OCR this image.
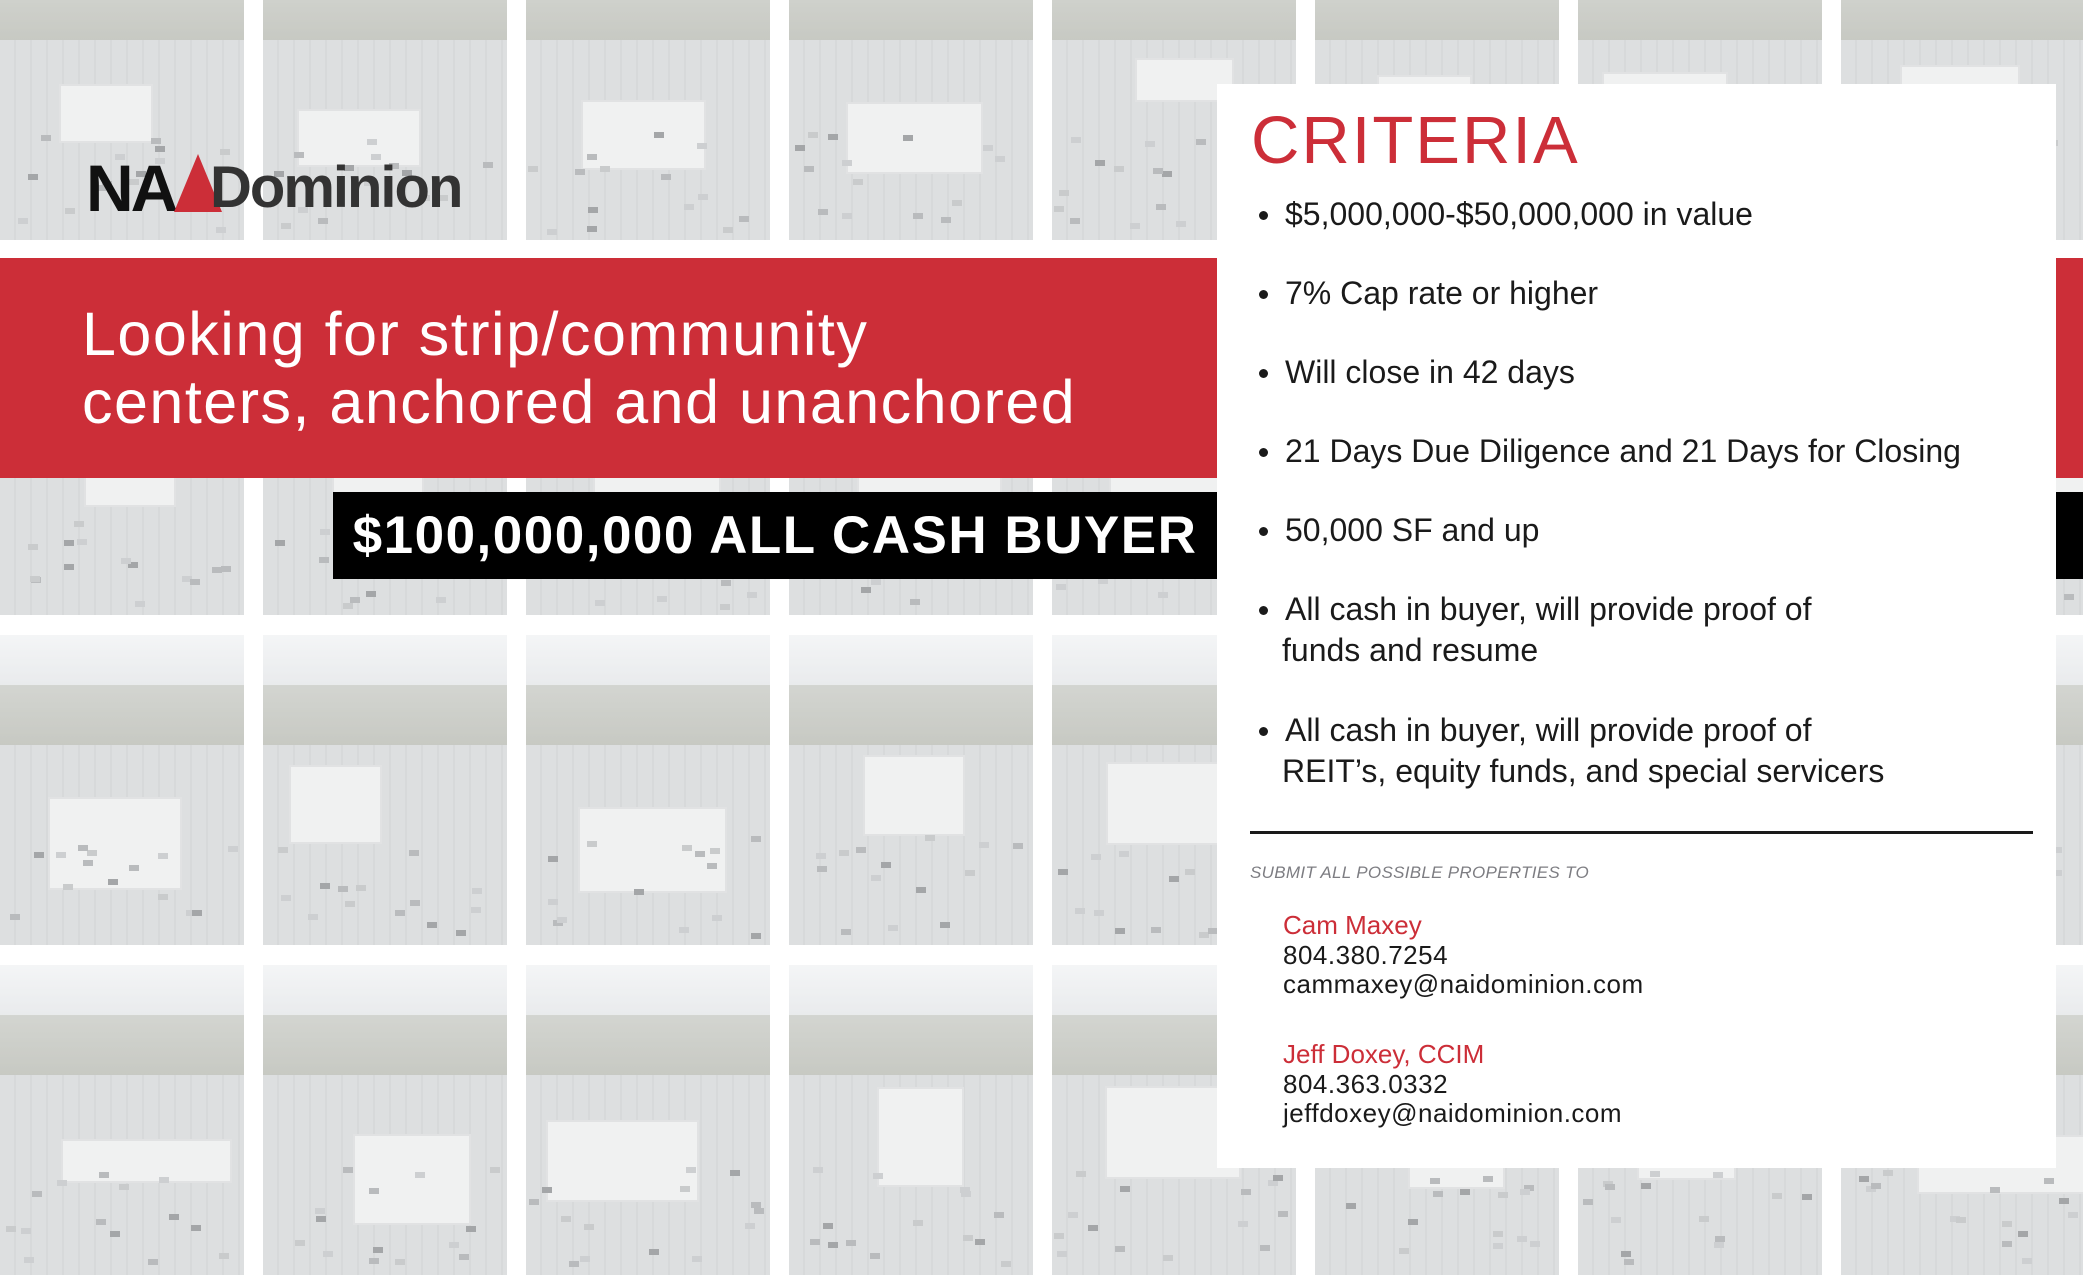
NA Dominion
Looking for strip/community
centers, anchored and unanchored
$100,000,000 ALL CASH BUYER
CRITERIA
$5,000,000-$50,000,000 in value
7% Cap rate or higher
Will close in 42 days
21 Days Due Diligence and 21 Days for Closing
50,000 SF and up
All cash in buyer, will provide proof of
funds and resume
All cash in buyer, will provide proof of
REIT’s, equity funds, and special servicers
SUBMIT ALL POSSIBLE PROPERTIES TO
Cam Maxey
804.380.7254
cammaxey@naidominion.com
Jeff Doxey, CCIM
804.363.0332
jeffdoxey@naidominion.com
